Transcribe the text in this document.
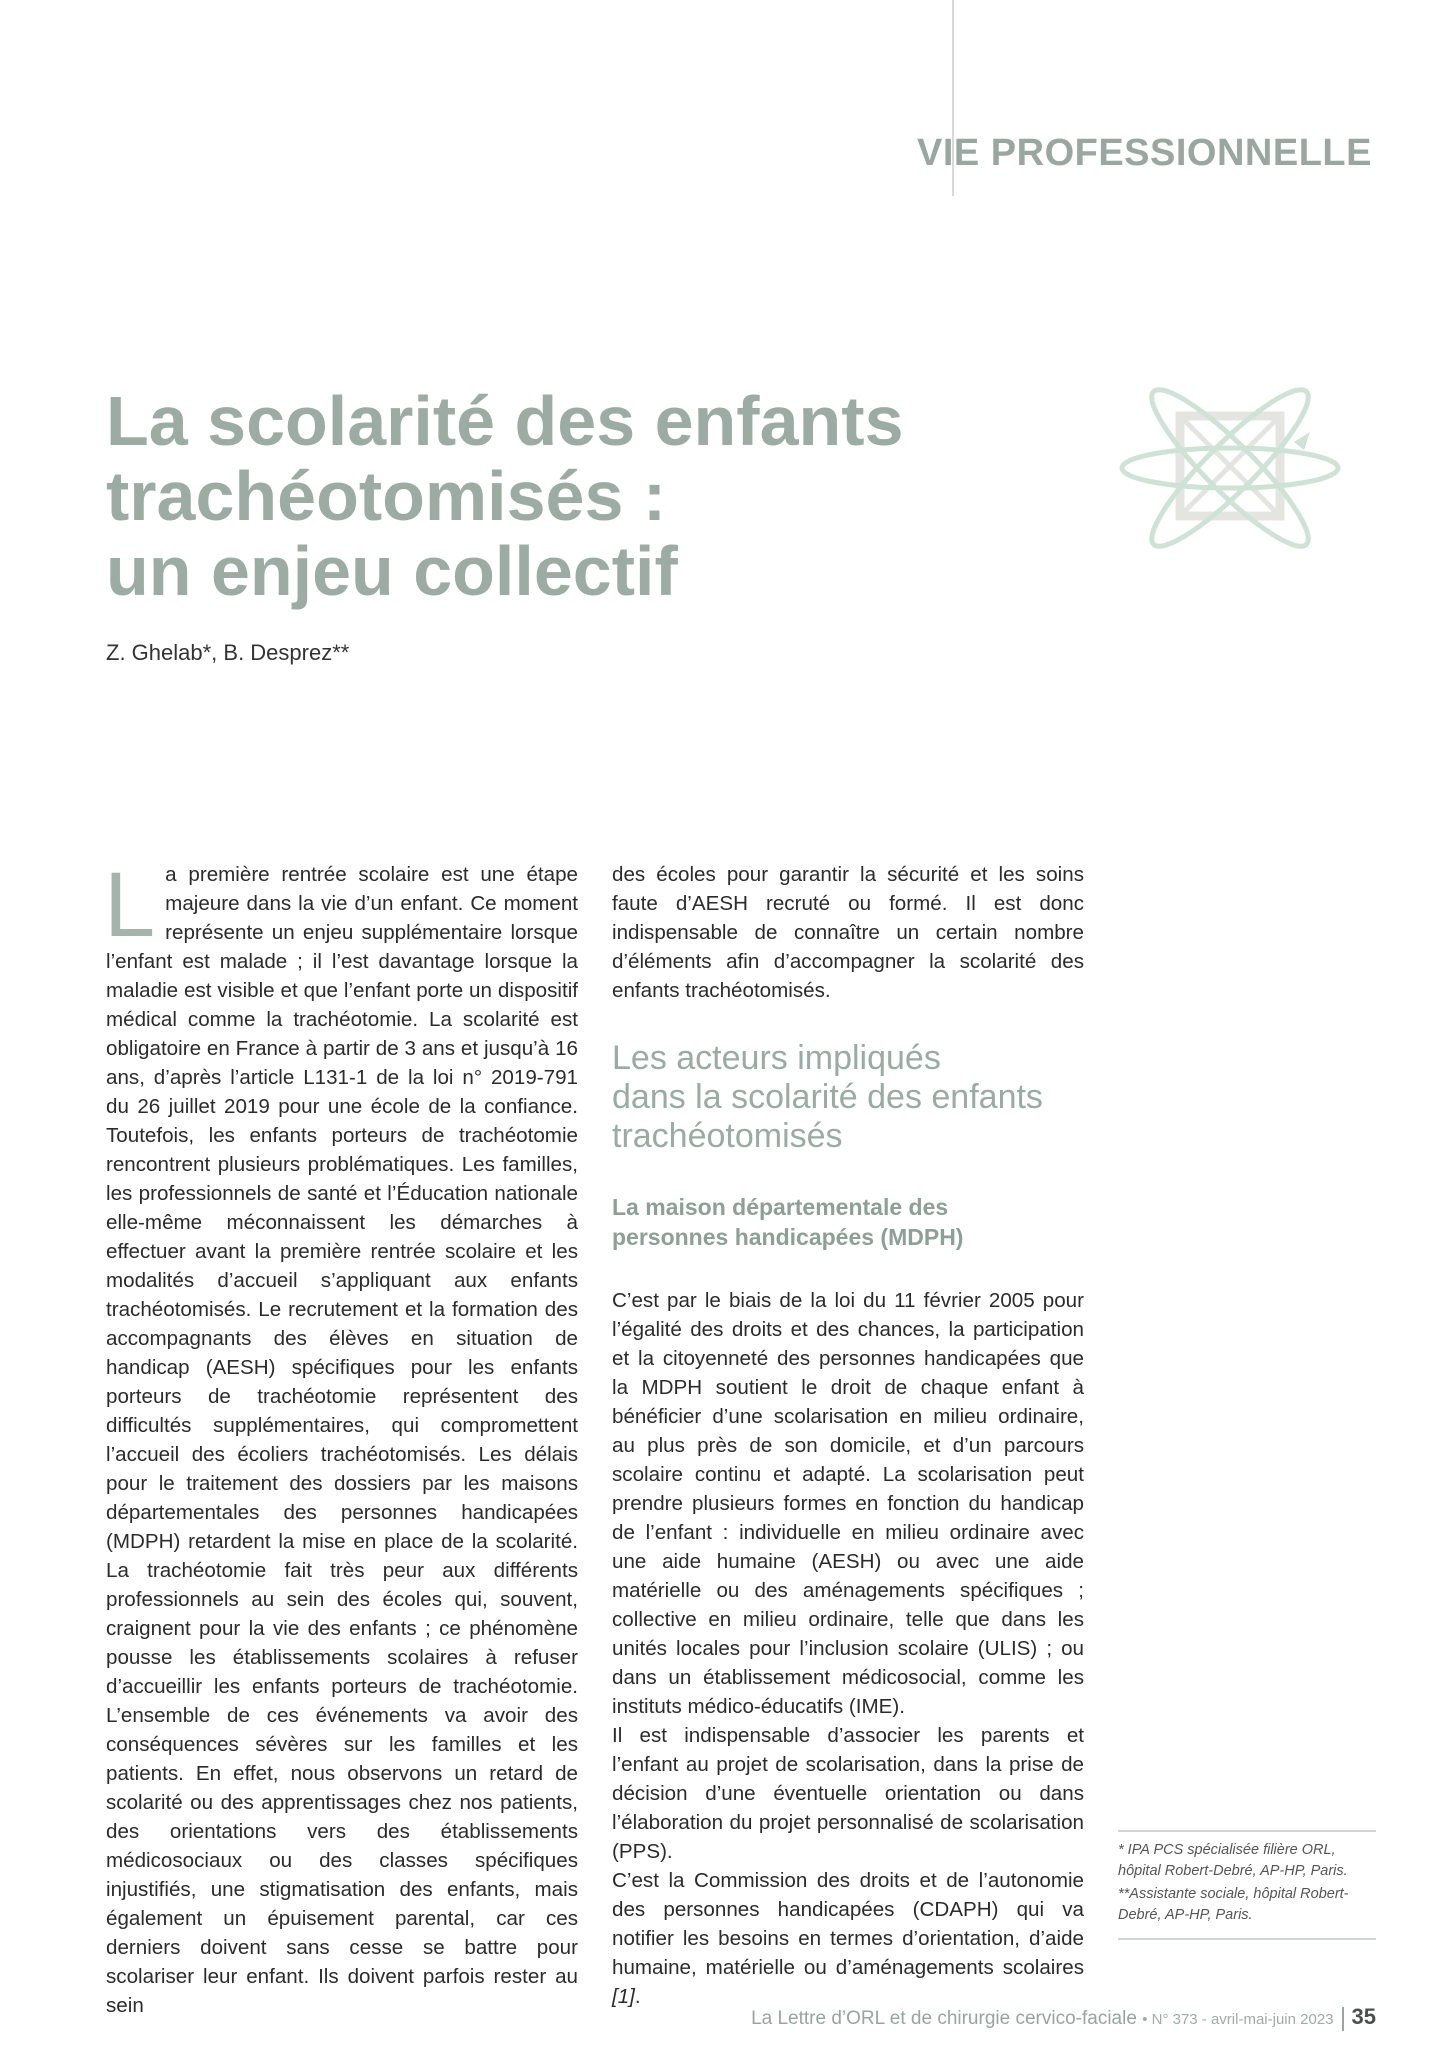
VIE PROFESSIONNELLE
La scolarité des enfants
trachéotomisés :
un enjeu collectif

Z. Ghelab*, B. Desprez**

La première rentrée scolaire est une étape majeure dans la vie d’un enfant. Ce moment représente un enjeu supplémentaire lorsque l’enfant est malade ; il l’est davantage lorsque la maladie est visible et que l’enfant porte un dispositif médical comme la trachéotomie. La scolarité est obligatoire en France à partir de 3 ans et jusqu’à 16 ans, d’après l’article L131-1 de la loi n° 2019-791 du 26 juillet 2019 pour une école de la confiance. Toutefois, les enfants porteurs de trachéotomie rencontrent plusieurs problématiques. Les familles, les professionnels de santé et l’Éducation nationale elle-même méconnaissent les démarches à effectuer avant la première rentrée scolaire et les modalités d’accueil s’appliquant aux enfants trachéotomisés. Le recrutement et la formation des accompagnants des élèves en situation de handicap (AESH) spécifiques pour les enfants porteurs de trachéotomie représentent des difficultés supplémentaires, qui compromettent l’accueil des écoliers trachéotomisés. Les délais pour le traitement des dossiers par les maisons départementales des personnes handicapées (MDPH) retardent la mise en place de la scolarité. La trachéotomie fait très peur aux différents professionnels au sein des écoles qui, souvent, craignent pour la vie des enfants ; ce phénomène pousse les établissements scolaires à refuser d’accueillir les enfants porteurs de trachéotomie. L’ensemble de ces événements va avoir des conséquences sévères sur les familles et les patients. En effet, nous observons un retard de scolarité ou des apprentissages chez nos patients, des orientations vers des établissements médicosociaux ou des classes spécifiques injustifiés, une stigmatisation des enfants, mais également un épuisement parental, car ces derniers doivent sans cesse se battre pour scolariser leur enfant. Ils doivent parfois rester au sein

des écoles pour garantir la sécurité et les soins faute d’AESH recruté ou formé. Il est donc indispensable de connaître un certain nombre d’éléments afin d’accompagner la scolarité des enfants trachéotomisés.

Les acteurs impliqués
dans la scolarité des enfants
trachéotomisés
La maison départementale des
personnes handicapées (MDPH)

C’est par le biais de la loi du 11 février 2005 pour l’égalité des droits et des chances, la participation et la citoyenneté des personnes handicapées que la MDPH soutient le droit de chaque enfant à bénéficier d’une scolarisation en milieu ordinaire, au plus près de son domicile, et d’un parcours scolaire continu et adapté. La scolarisation peut prendre plusieurs formes en fonction du handicap de l’enfant : individuelle en milieu ordinaire avec une aide humaine (AESH) ou avec une aide matérielle ou des aménagements spécifiques ; collective en milieu ordinaire, telle que dans les unités locales pour l’inclusion scolaire (ULIS) ; ou dans un établissement médicosocial, comme les instituts médico-éducatifs (IME).

Il est indispensable d’associer les parents et l’enfant au projet de scolarisation, dans la prise de décision d’une éventuelle orientation ou dans l’élaboration du projet personnalisé de scolarisation (PPS).

C’est la Commission des droits et de l’autonomie des personnes handicapées (CDAPH) qui va notifier les besoins en termes d’orientation, d’aide humaine, matérielle ou d’aménagements scolaires [1].

* IPA PCS spécialisée filière ORL, hôpital Robert-Debré, AP-HP, Paris.

**Assistante sociale, hôpital Robert-Debré, AP-HP, Paris.

La Lettre d’ORL et de chirurgie cervico-faciale • N° 373 - avril-mai-juin 2023 35
